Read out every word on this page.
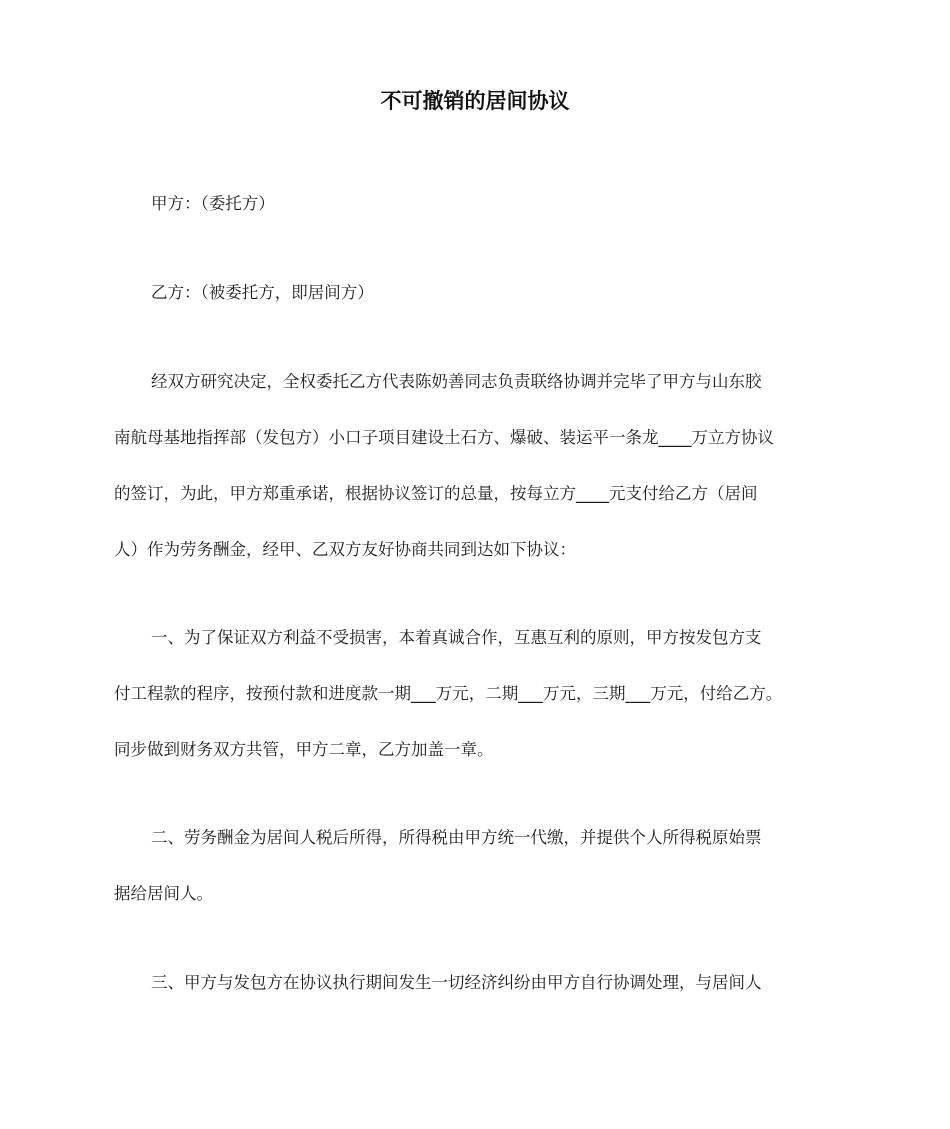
不可撤销的居间协议
甲方：（委托方）
乙方：（被委托方，即居间方）
经双方研究决定，全权委托乙方代表陈奶善同志负责联络协调并完毕了甲方与山东胶
南航母基地指挥部（发包方）小口子项目建设土石方、爆破、装运平一条龙____万立方协议
的签订，为此，甲方郑重承诺，根据协议签订的总量，按每立方____元支付给乙方（居间
人）作为劳务酬金，经甲、乙双方友好协商共同到达如下协议：
一、为了保证双方利益不受损害，本着真诚合作，互惠互利的原则，甲方按发包方支
付工程款的程序，按预付款和进度款一期___万元，二期___万元，三期___万元，付给乙方。
同步做到财务双方共管，甲方二章，乙方加盖一章。
二、劳务酬金为居间人税后所得，所得税由甲方统一代缴，并提供个人所得税原始票
据给居间人。
三、甲方与发包方在协议执行期间发生一切经济纠纷由甲方自行协调处理，与居间人
